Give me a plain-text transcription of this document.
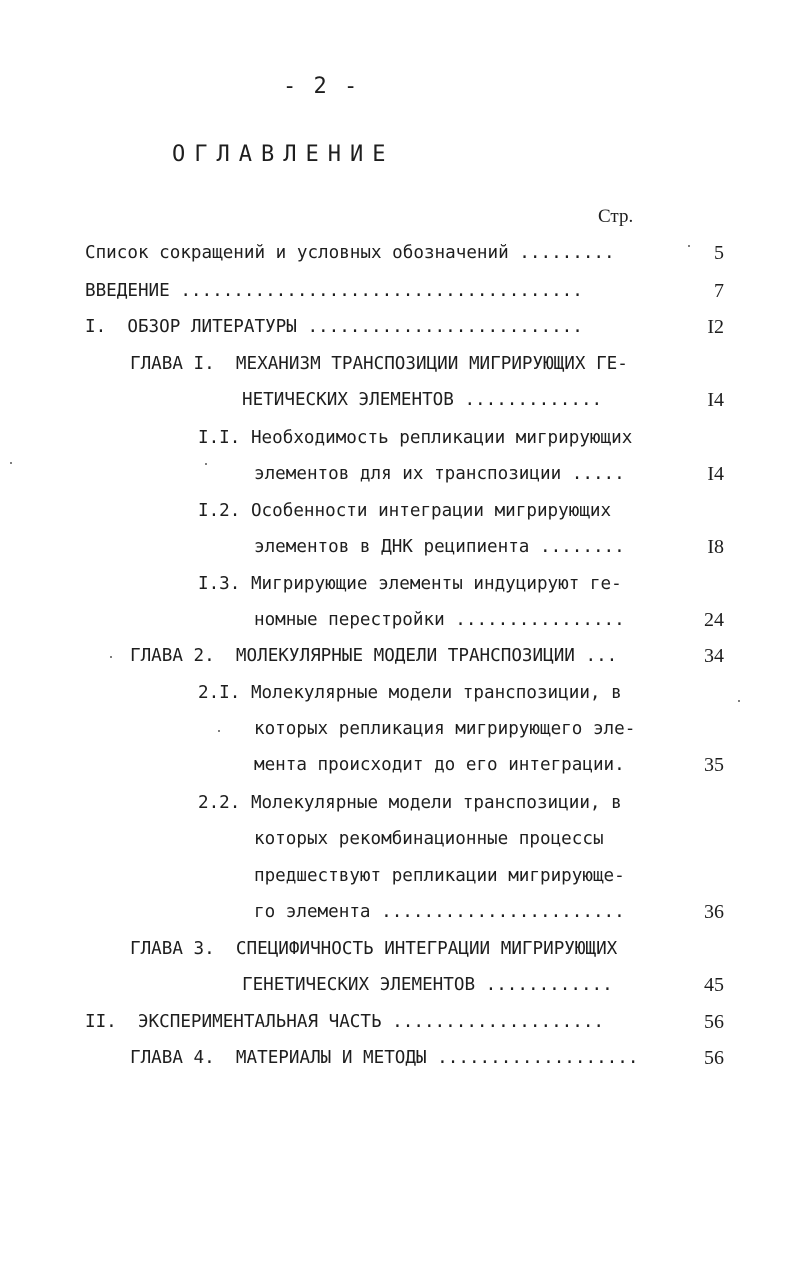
- 2 -
ОГЛАВЛЕНИЕ
Стр.
Список сокращений и условных обозначений .........	5
ВВЕДЕНИЕ ......................................	7
I.  ОБЗОР ЛИТЕРАТУРЫ ..........................	I2
ГЛАВА I.  МЕХАНИЗМ ТРАНСПОЗИЦИИ МИГРИРУЮЩИХ ГЕ-
НЕТИЧЕСКИХ ЭЛЕМЕНТОВ .............	I4
I.I. Необходимость репликации мигрирующих
элементов для их транспозиции .....	I4
I.2. Особенности интеграции мигрирующих
элементов в ДНК реципиента ........	I8
I.3. Мигрирующие элементы индуцируют ге-
номные перестройки ................	24
ГЛАВА 2.  МОЛЕКУЛЯРНЫЕ МОДЕЛИ ТРАНСПОЗИЦИИ ...	34
2.I. Молекулярные модели транспозиции, в
которых репликация мигрирующего эле-
мента происходит до его интеграции.	35
2.2. Молекулярные модели транспозиции, в
которых рекомбинационные процессы
предшествуют репликации мигрирующе-
го элемента .......................	36
ГЛАВА 3.  СПЕЦИФИЧНОСТЬ ИНТЕГРАЦИИ МИГРИРУЮЩИХ
ГЕНЕТИЧЕСКИХ ЭЛЕМЕНТОВ ............	45
II.  ЭКСПЕРИМЕНТАЛЬНАЯ ЧАСТЬ ....................	56
ГЛАВА 4.  МАТЕРИАЛЫ И МЕТОДЫ ...................	56
